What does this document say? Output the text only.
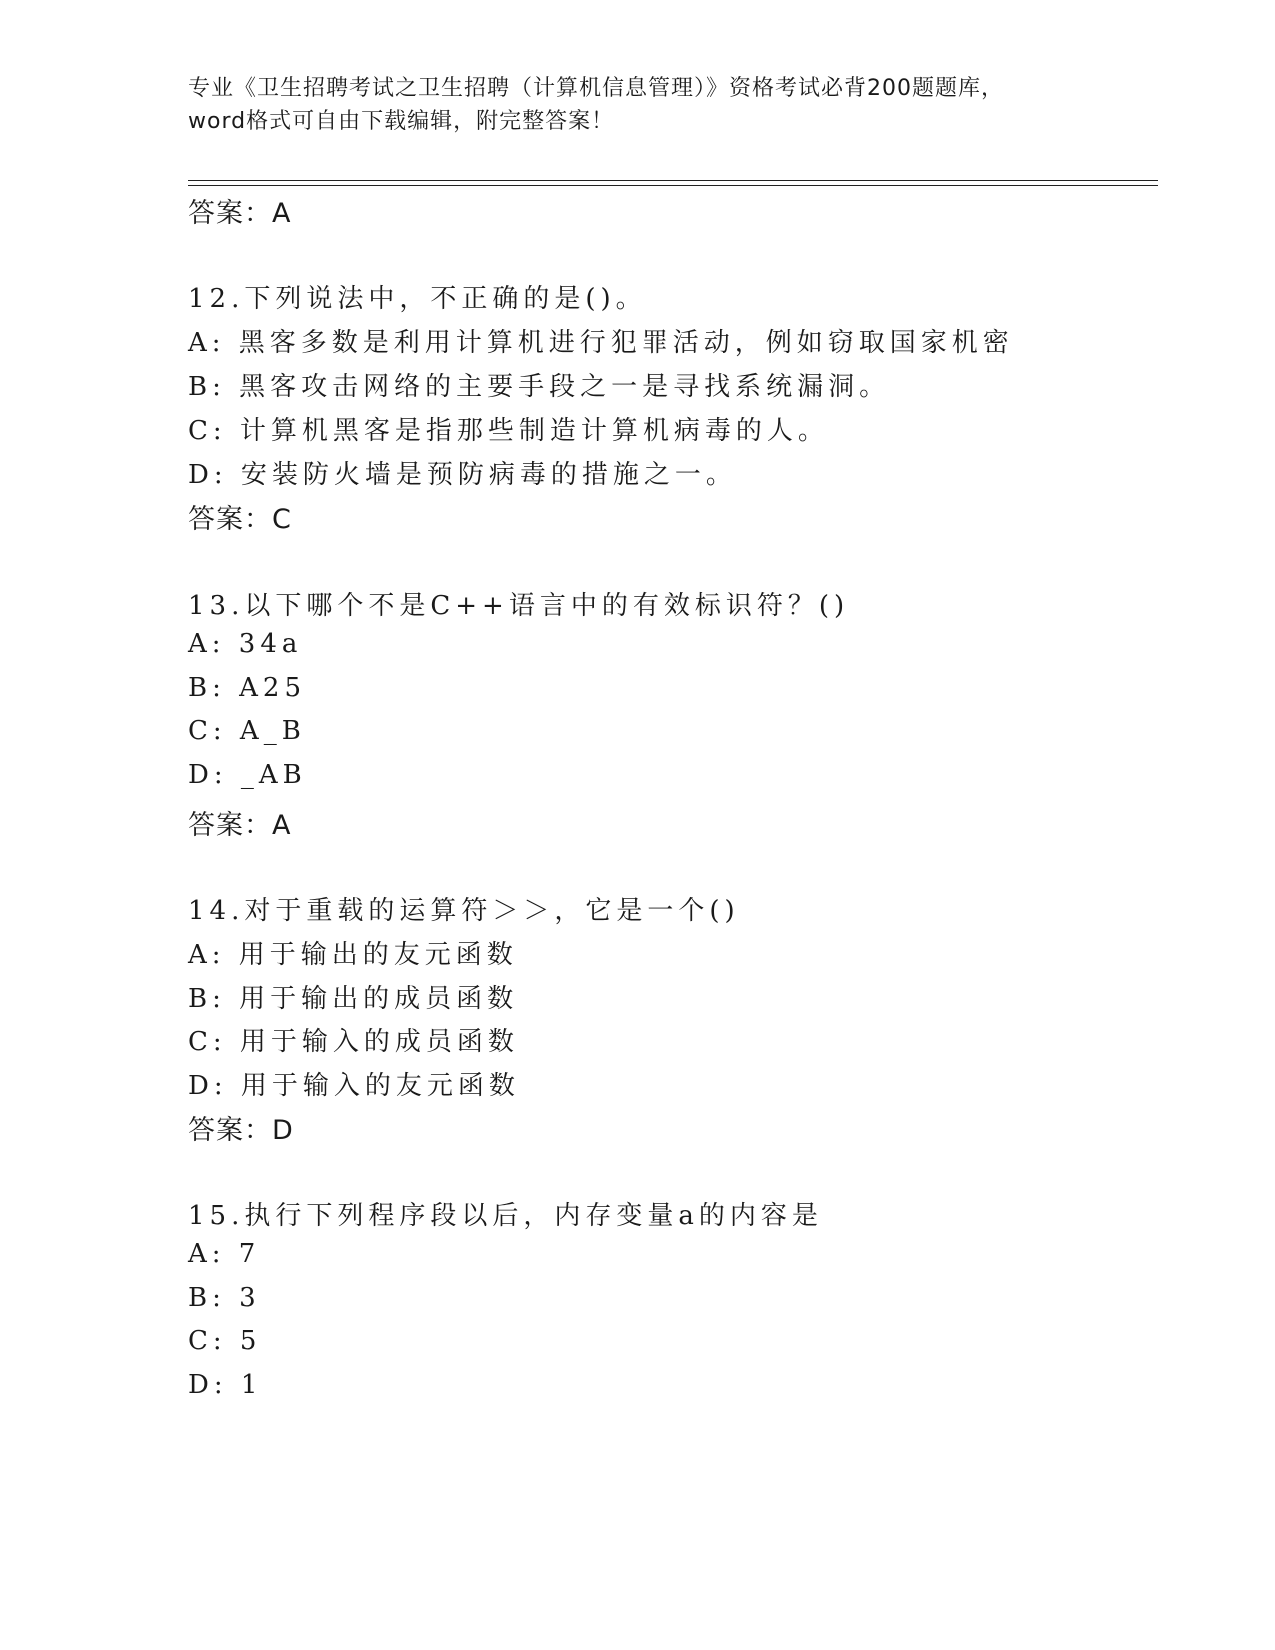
专业《卫生招聘考试之卫生招聘（计算机信息管理）》资格考试必背200题题库，
word格式可自由下载编辑，附完整答案！
答案：A
12.下列说法中，不正确的是()。
A: 黑客多数是利用计算机进行犯罪活动，例如窃取国家机密
B: 黑客攻击网络的主要手段之一是寻找系统漏洞。
C: 计算机黑客是指那些制造计算机病毒的人。
D: 安装防火墙是预防病毒的措施之一。
答案：C
13.以下哪个不是C++语言中的有效标识符？()
A: 34a
B: A25
C: A_B
D: _AB
答案：A
14.对于重载的运算符＞＞，它是一个()
A: 用于输出的友元函数
B: 用于输出的成员函数
C: 用于输入的成员函数
D: 用于输入的友元函数
答案：D
15.执行下列程序段以后，内存变量a的内容是
A: 7
B: 3
C: 5
D: 1
